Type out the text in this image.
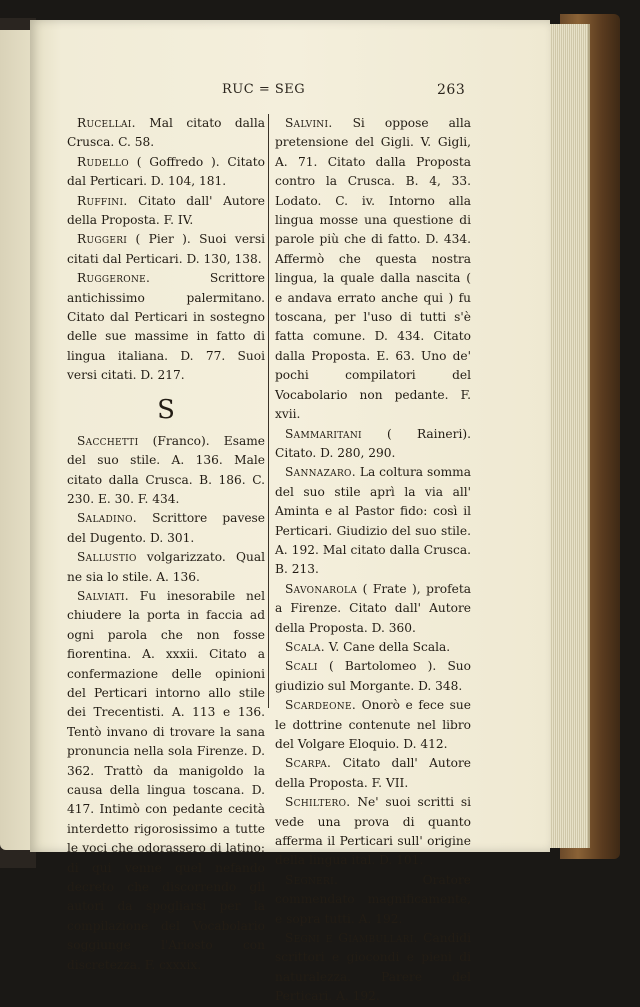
RUC = SEG	263

Rucellai. Mal citato dalla Crusca. C. 58.

Rudello ( Goffredo ). Citato dal Perticari. D. 104, 181.

Ruffini. Citato dall' Autore della Proposta. F. IV.

Ruggeri ( Pier ). Suoi versi citati dal Perticari. D. 130, 138.

Ruggerone.	Scrittore antichissimo palermitano. Citato dal Perticari in sostegno delle sue massime in fatto di lingua italiana. D. 77. Suoi versi citati. D. 217.

S

Sacchetti (Franco). Esame del suo stile. A. 136. Male citato dalla Crusca. B. 186. C. 230. E. 30. F. 434.

Saladino. Scrittore pavese del Dugento. D. 301.

Sallustio volgarizzato. Qual ne sia lo stile. A. 136.

Salviati. Fu inesorabile nel chiudere la porta in faccia ad ogni parola che non fosse fiorentina. A. xxxii. Citato a confermazione delle opinioni del Perticari intorno allo stile dei Trecentisti. A. 113 e 136. Tentò invano di trovare la sana pronuncia nella sola Firenze. D. 362. Trattò da manigoldo la causa della lingua toscana. D. 417. Intimò con pedante cecità interdetto rigorosissimo a tutte le voci che odorassero di latino: di qui venne quel nefando decreto che discorrendo gli autori da spogliarsi per la compilazione del Vocabolario soggiunge l'Ariosto con discretezza. F. cxxxix.

Salvini. Si oppose alla pretensione del Gigli. V. Gigli, A. 71. Citato dalla Proposta contro la Crusca. B. 4, 33. Lodato. C. iv. Intorno alla lingua mosse una questione di parole più che di fatto. D. 434. Affermò che questa nostra lingua, la quale dalla nascita ( e andava errato anche qui ) fu toscana, per l'uso di tutti s'è fatta comune. D. 434. Citato dalla Proposta. E. 63. Uno de' pochi compilatori del Vocabolario non pedante. F. xvii.

Sammaritani ( Raineri). Citato. D. 280, 290.

Sannazaro. La coltura somma del suo stile aprì la via all' Aminta e al Pastor fido: così il Perticari. Giudizio del suo stile. A. 192. Mal citato dalla Crusca. B. 213.

Savonarola ( Frate ), profeta a Firenze. Citato dall' Autore della Proposta. D. 360.

Scala. V. Cane della Scala.

Scali ( Bartolomeo ). Suo giudizio sul Morgante. D. 348.

Scardeone. Onorò e fece sue le dottrine contenute nel libro del Volgare Eloquio. D. 412.

Scarpa. Citato dall' Autore della Proposta. F. VII.

Schiltero. Ne' suoi scritti si vede una prova di quanto afferma il Perticari sull' origine della lingua ital. D. 101.

Segneri.	Oratore commendato magnificamente, e sopra tutti. A. 192.

Segni e Giambullari. Candidi scrittori e giocondi e pieni di naturalezza. Parere del Perticari. A. 192.
